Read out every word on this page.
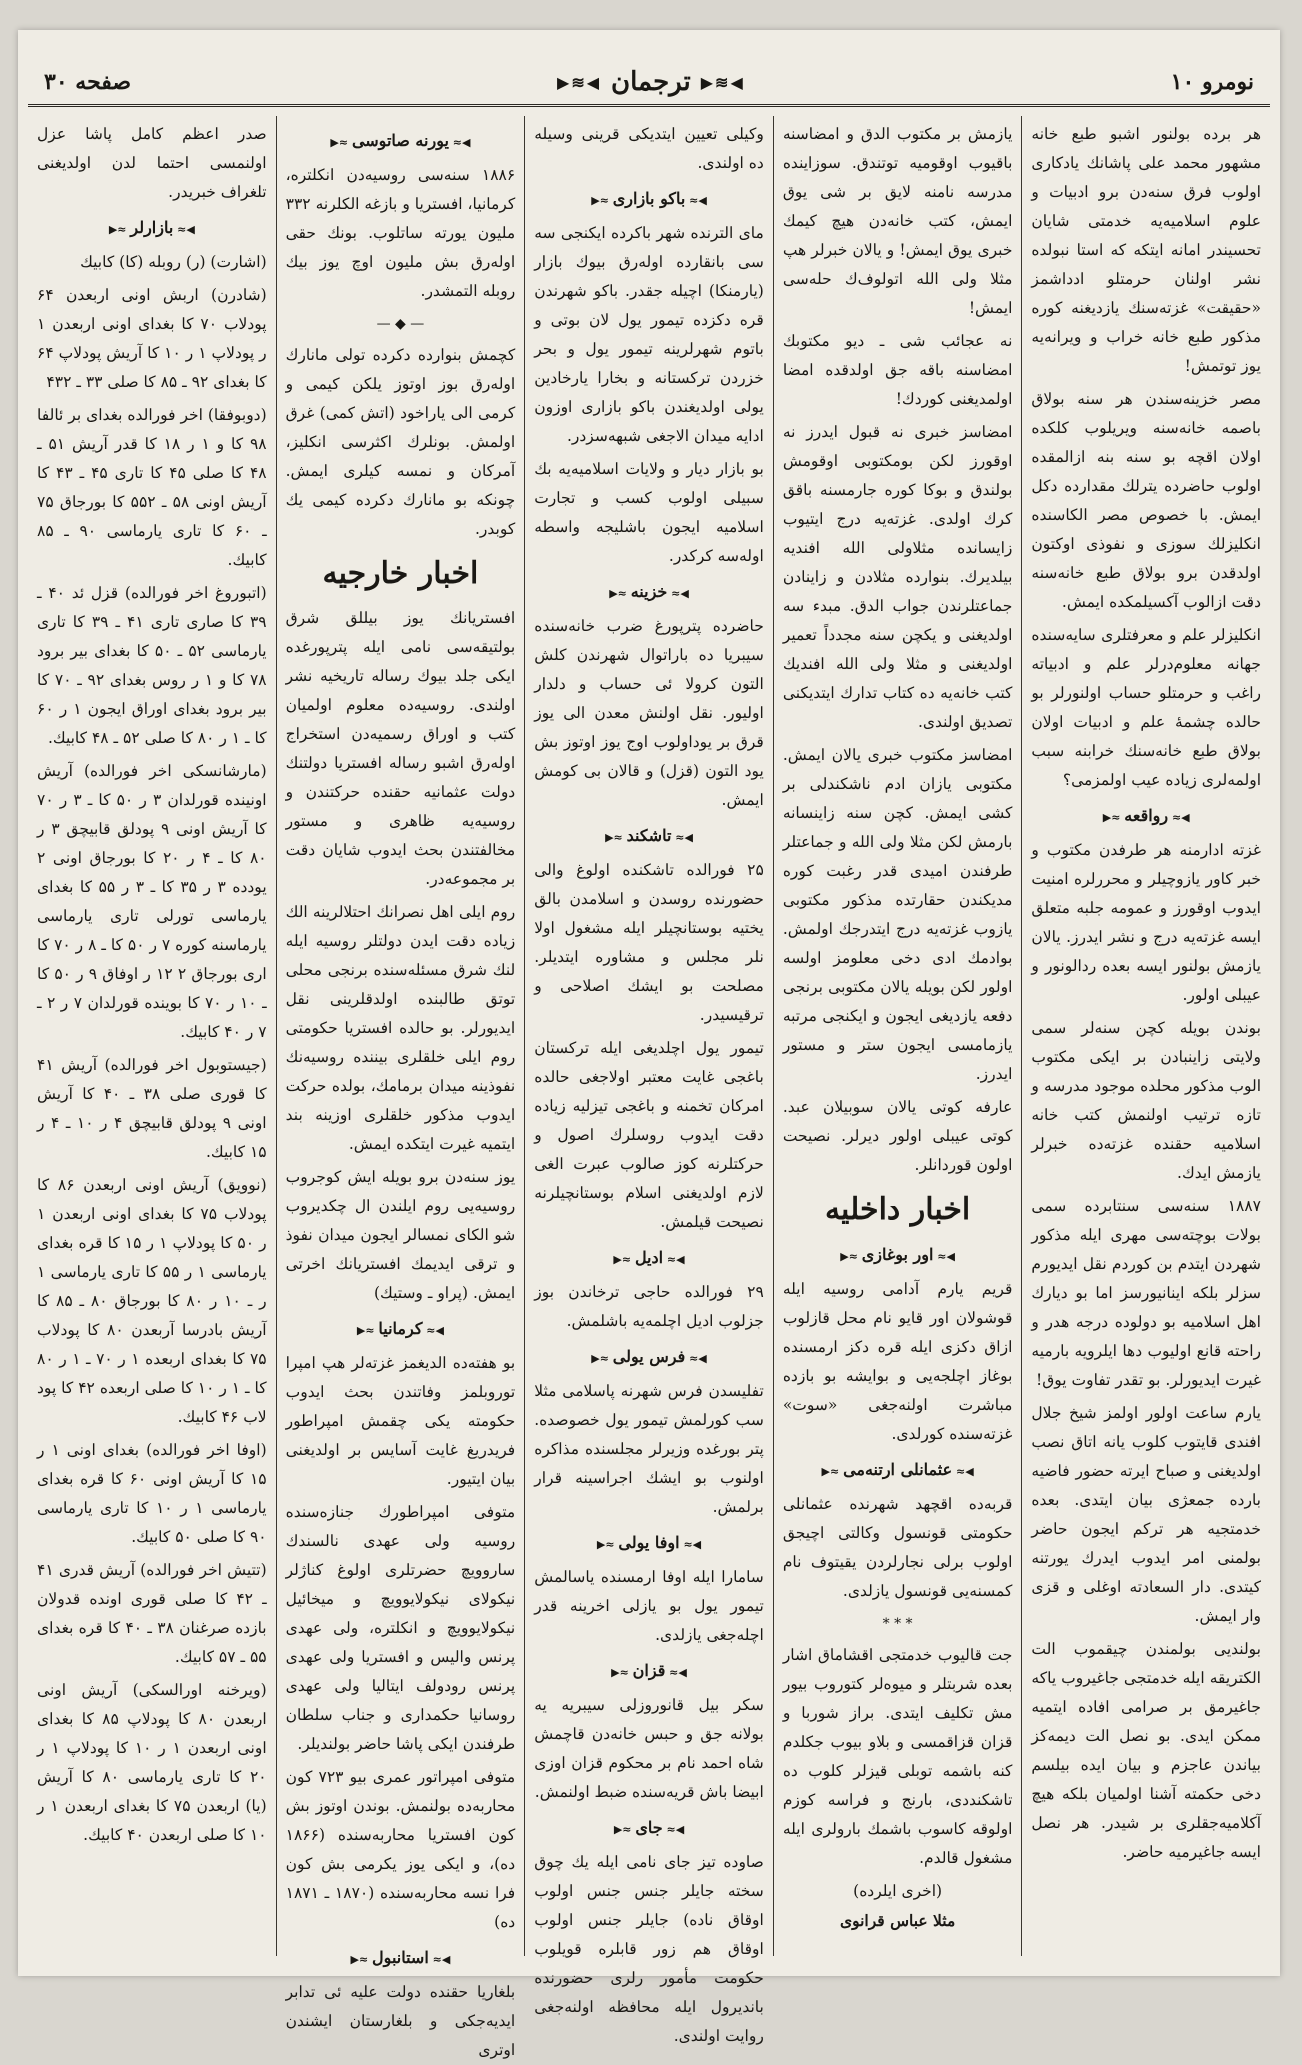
نومرو ۱۰
◀≋▶
ترجمان
◀≋▶
صفحه ۳۰

هر برده بولنور اشبو طبع خانه مشهور محمد علی پاشانك یادكاری اولوب فرق سنه‌دن برو ادبیات و علوم اسلامیه‌یه خدمتی شایان تحسیندر امانه ایتكه كه استا نبولده نشر اولنان حرمتلو ادداشمز «حقیقت» غزته‌سنك یازدیغنه كوره مذكور طبع خانه خراب و ویرانه‌یه یوز توتمش!

مصر خزینه‌سندن هر سنه بولاق باصمه خانه‌سنه ویریلوب كلكده اولان اقچه بو سنه بنه ازالمقده اولوب حاضرده یترلك مقدارده دكل ایمش. با خصوص مصر الكاسنده انكلیزلك سوزی و نفوذی اوكتون اولدقدن برو بولاق طبع خانه‌سنه دقت ازالوب آكسیلمكده ایمش.

انكلیزلر علم و معرفتلری سایه‌سنده جهانه معلوم‌درلر علم و ادبیاته راغب و حرمتلو حساب اولنورلر بو حالده چشمهٔ علم و ادبیات اولان بولاق طبع خانه‌سنك خرابنه سبب اولمه‌لری زیاده عیب اولمزمی؟

◀≈ رواقعه ≈▶

غزته ادارمنه هر طرفدن مكتوب و خبر كاور یازوچیلر و محرر‌لره امنیت ایدوب اوقورز و عمومه جلبه متعلق ایسه غزته‌یه درج و نشر ایدرز. یالان یازمش بولنور ایسه بعده ردالونور و عیبلی اولور.

بوندن بویله كچن سنه‌لر سمی ولایتی زاینبادن بر ایكی مكتوب الوب مذكور محلده موجود مدرسه و تازه ترتیب اولنمش كتب خانه اسلامیه حقنده غزته‌ده خبرلر یازمش ایدك.

۱۸۸۷ سنه‌سی سنتابرده سمی بولات بوچته‌سی مهری ایله مذكور شهردن ایتدم بن كوردم نقل ایدیورم سزلر بلكه اینانیورسز اما بو دیارك اهل اسلامیه بو دولوده درجه هدر و راحته قانع اولیوب دها ایلرویه بارمیه غیرت ایدیورلر. بو تقدر تفاوت یوق!

یارم ساعت اولور اولمز شیخ جلال افندی قایتوب كلوب یانه اتاق نصب اولدیغنی و صباح ایرته حضور فاضیه بارده جمعژی بیان ایتدی. بعده خدمتجیه هر تركم ایجون حاضر بولمنی امر ایدوب ایدرك یورتنه كیتدی. دار السعادته اوغلی و قزی وار ایمش.

بولندیی بولمندن چیقموب الت الكتریقه ایله خدمتجی جاغیروب یاكه جاغیرمق بر صرامی افاده ایتمیه ممكن ایدی. بو نصل الت دیمه‌كز بیاندن عاجزم و بیان ایده بیلسم دخی حكمته آشنا اولمیان بلكه هیچ آكلامیه‌جقلری بر شیدر. هر نصل ایسه جاغیرمیه حاضر.

یازمش بر مكتوب الدق و امضاسنه باقیوب اوقومیه توتندق. سوزاینده مدرسه نامنه لایق بر شی یوق ایمش، كتب خانه‌دن هیچ كیمك خبری یوق ایمش! و یالان خبرلر هپ مثلا ولی الله اتولوف‌ك حله‌سی ایمش!

نه عجائب شی ـ دیو مكتوبك امضاسنه باقه جق اولدقده امضا اولمدیغنی كوردك!

امضاسز خبری نه قبول ایدرز نه اوقورز لكن بومكتوبی اوقومش بولندق و بوكا كوره جارمسنه باقق كرك اولدی. غزته‌یه درج ایتیوب زایسانده مثلاولی الله افندیه بیلدیرك. بنوارده مثلادن و زاینادن جماعتلرندن جواب الدق. مبدء سه اولدیغنی و یكچن سنه مجدداً تعمیر اولدیغنی و مثلا ولی الله افندیك كتب خانه‌یه ده كتاب تدارك ایتدیكنی تصدیق اولندی.

امضاسز مكتوب خبری یالان ایمش. مكتوبی یازان ادم ناشكندلی بر كشی ایمش. كچن سنه زاینسانه بارمش لكن مثلا ولی الله و جماعتلر طرفندن امیدی قدر رغبت كوره مدیكندن حقارتده مذكور مكتوبی یازوب غزته‌یه درج ایتدرجك اولمش. بوادمك ادی دخی معلومز اولسه اولور لكن بویله یالان مكتوبی برنجی دفعه یازدیغی ایجون و ایكنجی مرتبه یازمامسی ایجون ستر و مستور ایدرز.

عارفه كوتی یالان سوبیلان عبد. كوتی عیبلی اولور دیرلر. نصیحت اولون قوردانلر.

اخبار داخلیه
◀≈ اور بوغازی ≈▶

قریم یارم آدامی روسیه ایله قوشولان اور قایو نام محل قازلوب ازاق دكزی ایله قره دكز ارمسنده بوغاز اچلجه‌یی و بوایشه بو بازده مباشرت اولنه‌جغی «سوت» غزته‌سنده كورلدی.

◀≈ عثمانلی ارتنه‌می ≈▶

قربه‌ده اقچهد شهرنده عثمانلی حكومتی قونسول وكالتی اچیجق اولوب برلی نجارلردن یقیتوف نام كمسنه‌یی قونسول یازلدی.

* * *

جت قالیوب خدمتجی اقشاماق اشار بعده شربتلر و میوه‌لر كتوروب بیور مش تكلیف ایتدی. براز شوربا و قزان قزاقمسی و بلاو بیوب جكلدم كنه باشمه توبلی قیزلر كلوب ده تاشكنددی، بارنج و فراسه كوزم اولوقه كاسوب باشمك بارولری ایله مشغول قالدم.

(اخری ایلرده)
مثلا عباس قرانوی

وكیلی تعیین ایتدیكی قرینی وسیله ده اولندی.

◀≈ باكو بازاری ≈▶

مای الترنده شهر باكرده ایكنجی سه سی بانقارده اوله‌رق بیوك بازار (یارمنكا) اچیله جقدر. باكو شهرندن قره دكزده تیمور یول لان بوتی و باتوم شهرلرینه تیمور یول و بحر خزردن تركستانه و بخارا یارخادین یولی اولدیغندن باكو بازاری اوزون ادایه میدان الاجغی شبهه‌سزدر.

بو بازار دیار و ولایات اسلامیه‌یه بك سبیلی اولوب كسب و تجارت اسلامیه ایجون باشلیجه واسطه اوله‌سه كركدر.

◀≈ خزینه ≈▶

حاضرده پترپورغ ضرب خانه‌سنده سیبریا ده باراتوال شهرندن كلش التون كرولا ئی حساب و دلدار اولیور. نقل اولنش معدن الی یوز قرق بر یوداولوب اوج یوز اوتوز بش یود التون (قزل) و قالان بی كومش ایمش.

◀≈ تاشكند ≈▶

۲۵ فورالده تاشكنده اولوغ والی حضورنده روسدن و اسلامدن بالق یختیه بوستانچیلر ایله مشغول اولا نلر مجلس و مشاوره ایتدیلر. مصلحت بو ایشك اصلاحی و ترقیسیدر.

تیمور یول اچلدیغی ایله تركستان باغجی غایت معتبر اولاجغی حالده امركان تخمنه و باغجی تیزلیه زیاده دقت ایدوب روسلرك اصول و حركتلرنه كوز صالوب عبرت الغی لازم اولدیغنی اسلام بوستانچیلرنه نصیحت قیلمش.

◀≈ ادیل ≈▶

۲۹ فورالده حاجی ترخاندن بوز جزلوب ادیل اچلمه‌یه باشلمش.

◀≈ فرس یولی ≈▶

تفلیسدن فرس شهرنه پاسلامی مثلا سب كورلمش تیمور یول خصوصده. پتر بورغده وزیرلر مجلسنده مذاكره اولنوب بو ایشك اجراسینه قرار برلمش.

◀≈ اوفا یولی ≈▶

سامارا ایله اوفا ارمسنده یاسالمش تیمور یول بو یازلی اخرینه قدر اچله‌جغی یازلدی.

◀≈ قزان ≈▶

سكر بیل قانوروزلی سیبریه یه بولانه جق و حبس خانه‌دن قاچمش شاه احمد نام بر محكوم قزان اوزی ابیضا باش قریه‌سنده ضبط اولنمش.

◀≈ جای ≈▶

صاوده تیز جای نامی ایله یك چوق سخته جایلر جنس جنس اولوب اوقاق ناده) جایلر جنس اولوب اوقاق هم زور قابلره قویلوب حكومت مأمور رلری حضورنده باندیرول ایله محافظه اولنه‌جغی روایت اولندی.

◀≈ یورنه صاتوسی ≈▶

۱۸۸۶ سنه‌سی روسیه‌دن انكلتره، كرمانیا، افستریا و بازغه الكلرنه ۳۳۲ ملیون یورته ساتلوب. بونك حقی اوله‌رق بش ملیون اوچ یوز بیك روبله التمشدر.

— ◆ —

كچمش بنوارده دكرده تولی مانارك اوله‌رق بوز اوتوز یلكن كیمی و كرمی الی یاراخود (اتش كمی) غرق اولمش. بونلرك اكثرسی انكلیز، آمركان و نمسه كیلری ایمش. چونكه بو مانارك دكرده كیمی یك كوبدر.

اخبار خارجیه

افستریانك یوز بیللق شرق بولتیقه‌سی نامی ایله پترپورغده ایكی جلد بیوك رساله تاریخیه نشر اولندی. روسیه‌ده معلوم اولمیان كتب و اوراق رسمیه‌دن استخراج اوله‌رق اشبو رساله افستریا دولتنك دولت عثمانیه حقنده حركتندن و روسیه‌یه ظاهری و مستور مخالفتندن بحث ایدوب شایان دقت بر مجموعه‌در.

روم ایلی اهل نصرانك احتلالرینه الك زیاده دقت ایدن دولتلر روسیه ایله لنك شرق مسئله‌سنده برنجی محلی توتق طالبنده اولدقلرینی نقل ایدیورلر. بو حالده افستریا حكومتی روم ایلی خلقلری بیننده روسیه‌نك نفوذینه میدان برمامك، بولده حركت ایدوب مذكور خلقلری اوزینه بند ایتمیه غیرت ایتكده ایمش.

یوز سنه‌دن برو بویله ایش كوجروب روسیه‌یی روم ایلندن ال چكدیروب شو الكای نمسالر ایجون میدان نفوذ و ترقی ایدیمك افستریانك اخرتی ایمش. (پراو ـ وستیك)

◀≈ كرمانیا ≈▶

بو هفته‌ده الدیغمز غزته‌لر هپ امپرا توروبلمز وفاتندن بحث ایدوب حكومته یكی چقمش امپراطور فریدریغ غایت آسایس بر اولدیغنی بیان ایتیور.

متوفی امپراطورك جنازه‌سنده روسیه ولی عهدی نالسندك ساروویچ حضرتلری اولوغ كناژلر نیكولای نیكولایوویچ و میخائیل نیكولایوویچ و انكلتره، ولی عهدی پرنس والیس و افستریا ولی عهدی پرنس رودولف ایتالیا ولی عهدی روسانیا حكمداری و جناب سلطان طرفندن ایكی پاشا حاضر بولندیلر.

متوفی امپراتور عمری بیو ۷۲۳ كون محاربه‌ده بولنمش. بوندن اوتوز بش كون افستریا محاربه‌سنده (۱۸۶۶ ده)، و ایكی یوز یكرمی بش كون فرا نسه محاربه‌سنده (۱۸۷۰ ـ ۱۸۷۱ ده)

◀≈ استانبول ≈▶

بلغاریا حقنده دولت علیه ئی تدابر ایدیه‌جكی و بلغارستان ایشندن اوتری

صدر اعظم كامل پاشا عزل اولنمسی احتما لدن اولدیغنی تلغراف خبریدر.

◀≈ بازارلر ≈▶

(اشارت) (ر) روبله (كا) كابیك

(شادرن) اربش اونی اربعدن ۶۴ پودلاب ۷۰ كا بغدای اونی اربعدن ۱ ر پودلاپ ۱ ر ۱۰ كا آریش پودلاپ ۶۴ كا بغدای ۹۲ ـ ۸۵ كا صلی ۳۳ ـ ۴۳۲

(دوبوفقا) اخر فورالده بغدای بر ئالفا ۹۸ كا و ۱ ر ۱۸ كا قدر آریش ۵۱ ـ ۴۸ كا صلی ۴۵ كا تاری ۴۵ ـ ۴۳ كا آریش اونی ۵۸ ـ ۵۵۲ كا بورجاق ۷۵ ـ ۶۰ كا تاری یارماسی ۹۰ ـ ۸۵ كابیك.

(اتبوروغ اخر فورالده) قزل ئد ۴۰ ـ ۳۹ كا صاری تاری ۴۱ ـ ۳۹ كا تاری یارماسی ۵۲ ـ ۵۰ كا بغدای بیر برود ۷۸ كا و ۱ ر روس بغدای ۹۲ ـ ۷۰ كا بیر برود بغدای اوراق ایجون ۱ ر ۶۰ كا ـ ۱ ر ۸۰ كا صلی ۵۲ ـ ۴۸ كابیك.

(مارشانسكی اخر فورالده) آریش اونینده قورلدان ۳ ر ۵۰ كا ـ ۳ ر ۷۰ كا آریش اونی ۹ پودلق قابیچق ۳ ر ۸۰ كا ـ ۴ ر ۲۰ كا بورجاق اونی ۲ یودده ۳ ر ۳۵ كا ـ ۳ ر ۵۵ كا بغدای یارماسی تورلی تاری یارماسی یارماسنه كوره ۷ ر ۵۰ كا ـ ۸ ر ۷۰ كا اری بورجاق ۲ ۱۲ ر اوفاق ۹ ر ۵۰ كا ـ ۱۰ ر ۷۰ كا بوینده قورلدان ۷ ر ۲ ـ ۷ ر ۴۰ كابیك.

(جیستوبول اخر فورالده) آریش ۴۱ كا قوری صلی ۳۸ ـ ۴۰ كا آریش اونی ۹ پودلق قابیچق ۴ ر ۱۰ ـ ۴ ر ۱۵ كابیك.

(نوویق) آریش اونی اربعدن ۸۶ كا پودلاب ۷۵ كا بغدای اونی اربعدن ۱ ر ۵۰ كا پودلاپ ۱ ر ۱۵ كا قره بغدای یارماسی ۱ ر ۵۵ كا تاری یارماسی ۱ ر ـ ۱۰ ر ۸۰ كا بورجاق ۸۰ ـ ۸۵ كا آریش بادرسا آربعدن ۸۰ كا پودلاب ۷۵ كا بغدای اربعده ۱ ر ۷۰ ـ ۱ ر ۸۰ كا ـ ۱ ر ۱۰ كا صلی اربعده ۴۲ كا پود لاب ۴۶ كابیك.

(اوفا اخر فورالده) بغدای اونی ۱ ر ۱۵ كا آریش اونی ۶۰ كا قره بغدای یارماسی ۱ ر ۱۰ كا تاری یارماسی ۹۰ كا صلی ۵۰ كابیك.

(تتیش اخر فورالده) آریش قدری ۴۱ ـ ۴۲ كا صلی قوری اونده قدولان بازده صرغنان ۳۸ ـ ۴۰ كا قره بغدای ۵۵ ـ ۵۷ كابیك.

(ویرخنه اورالسكی) آریش اونی اربعدن ۸۰ كا پودلاپ ۸۵ كا بغدای اونی اربعدن ۱ ر ۱۰ كا پودلاپ ۱ ر ۲۰ كا تاری یارماسی ۸۰ كا آریش (یا) اربعدن ۷۵ كا بغدای اربعدن ۱ ر ۱۰ كا صلی اربعدن ۴۰ كابیك.
